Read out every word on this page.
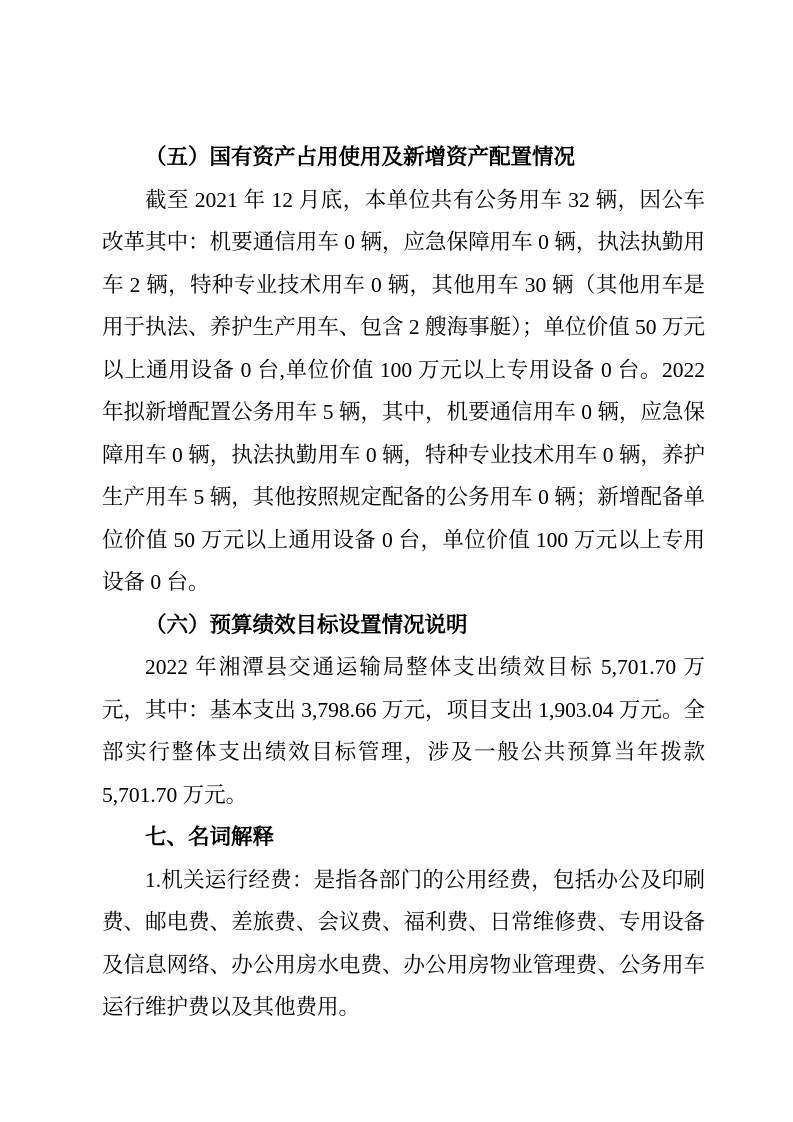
（五）国有资产占用使用及新增资产配置情况

截至 2021 年 12 月底，本单位共有公务用车 32 辆，因公车改革其中：机要通信用车 0 辆，应急保障用车 0 辆，执法执勤用车 2 辆，特种专业技术用车 0 辆，其他用车 30 辆（其他用车是用于执法、养护生产用车、包含 2 艘海事艇）；单位价值 50 万元以上通用设备 0 台,单位价值 100 万元以上专用设备 0 台。2022 年拟新增配置公务用车 5 辆，其中，机要通信用车 0 辆，应急保障用车 0 辆，执法执勤用车 0 辆，特种专业技术用车 0 辆，养护生产用车 5 辆，其他按照规定配备的公务用车 0 辆；新增配备单位价值 50 万元以上通用设备 0 台，单位价值 100 万元以上专用设备 0 台。

（六）预算绩效目标设置情况说明

2022 年湘潭县交通运输局整体支出绩效目标 5,701.70 万元，其中：基本支出 3,798.66 万元，项目支出 1,903.04 万元。全部实行整体支出绩效目标管理，涉及一般公共预算当年拨款 5,701.70 万元。

七、名词解释

1.机关运行经费：是指各部门的公用经费，包括办公及印刷费、邮电费、差旅费、会议费、福利费、日常维修费、专用设备及信息网络、办公用房水电费、办公用房物业管理费、公务用车运行维护费以及其他费用。
